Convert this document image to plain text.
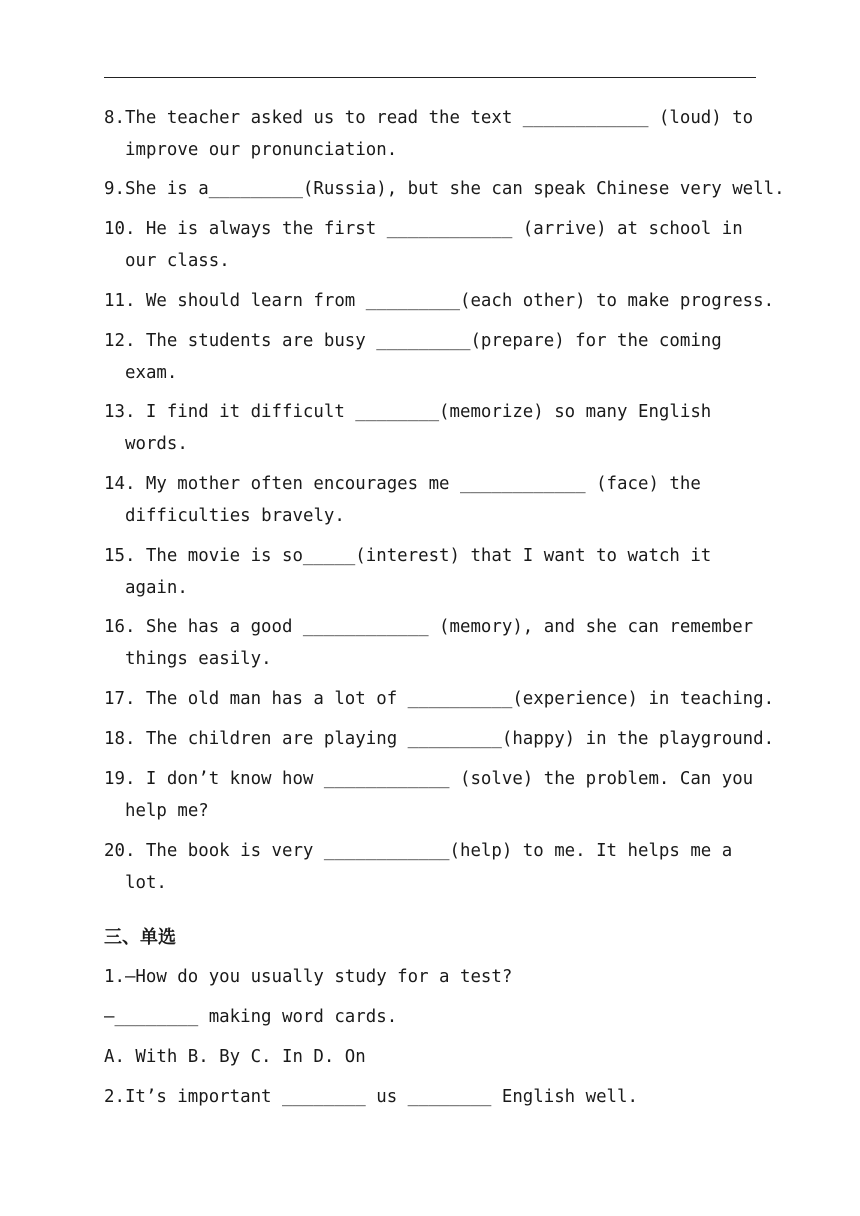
8.The teacher asked us to read the text ____________ (loud) to
improve our pronunciation.
9.She is a_________(Russia), but she can speak Chinese very well.
10. He is always the first ____________ (arrive) at school in
our class.
11. We should learn from _________(each other) to make progress.
12. The students are busy _________(prepare) for the coming
exam.
13. I find it difficult ________(memorize) so many English
words.
14. My mother often encourages me ____________ (face) the
difficulties bravely.
15. The movie is so_____(interest) that I want to watch it
again.
16. She has a good ____________ (memory), and she can remember
things easily.
17. The old man has a lot of __________(experience) in teaching.
18. The children are playing _________(happy) in the playground.
19. I don’t know how ____________ (solve) the problem. Can you
help me?
20. The book is very ____________(help) to me. It helps me a
lot.
三、单选
1.—How do you usually study for a test?
—________ making word cards.
A. With B. By C. In D. On
2.It’s important ________ us ________ English well.
